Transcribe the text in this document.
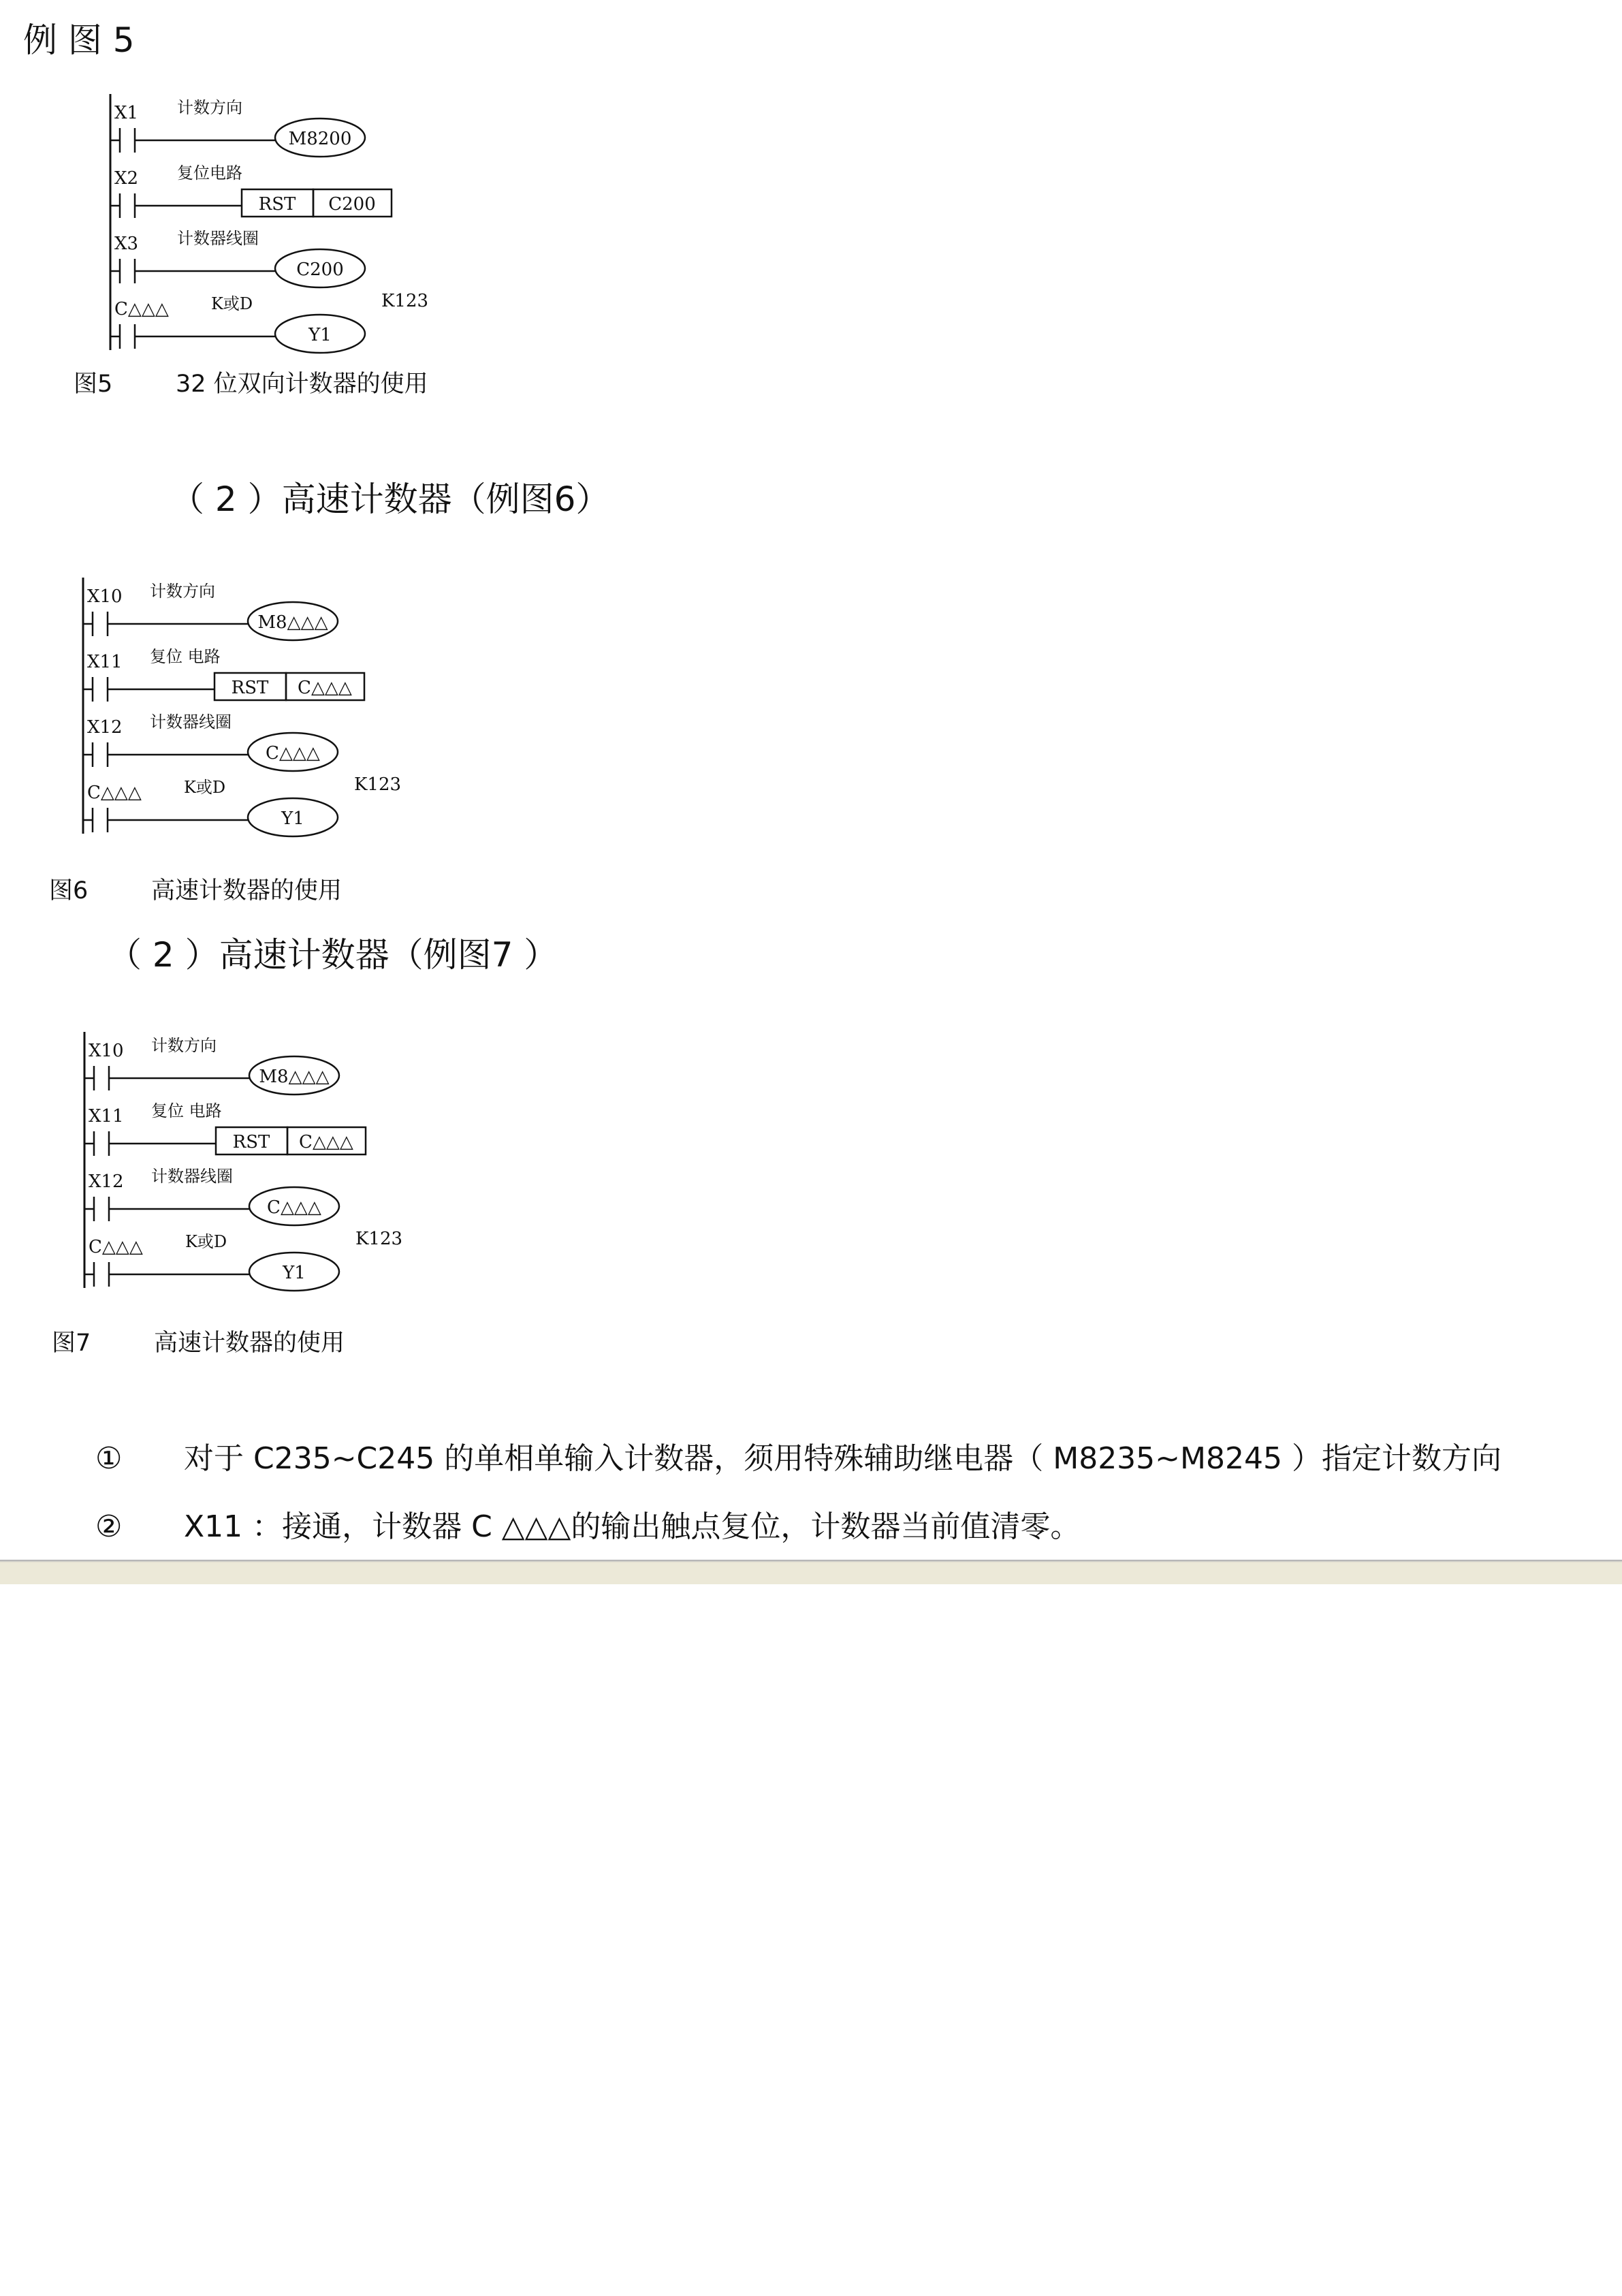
例 图 5
X1 计数方向
M8200
X2 复位电路
RST C200
X3 计数器线圈
C200
C△△△	K或D	K123
Y1
图5	32 位双向计数器的使用
（ 2 ）高速计数器（例图6）
X10 计数方向
M8△△△
X11 复位 电路
RST C△△△
X12 计数器线圈
C△△△
C△△△	K或D	K123
Y1
图6	高速计数器的使用
（ 2 ）高速计数器（例图7 ）
X10 计数方向
M8△△△
X11 复位 电路
RST C△△△
X12 计数器线圈
C△△△
C△△△	K或D	K123
Y1
图7	高速计数器的使用
① 对于 C235~C245 的单相单输入计数器，须用特殊辅助继电器（ M8235~M8245 ）指定计数方向
② X11 ：接通，计数器 C △△△的输出触点复位，计数器当前值清零。
